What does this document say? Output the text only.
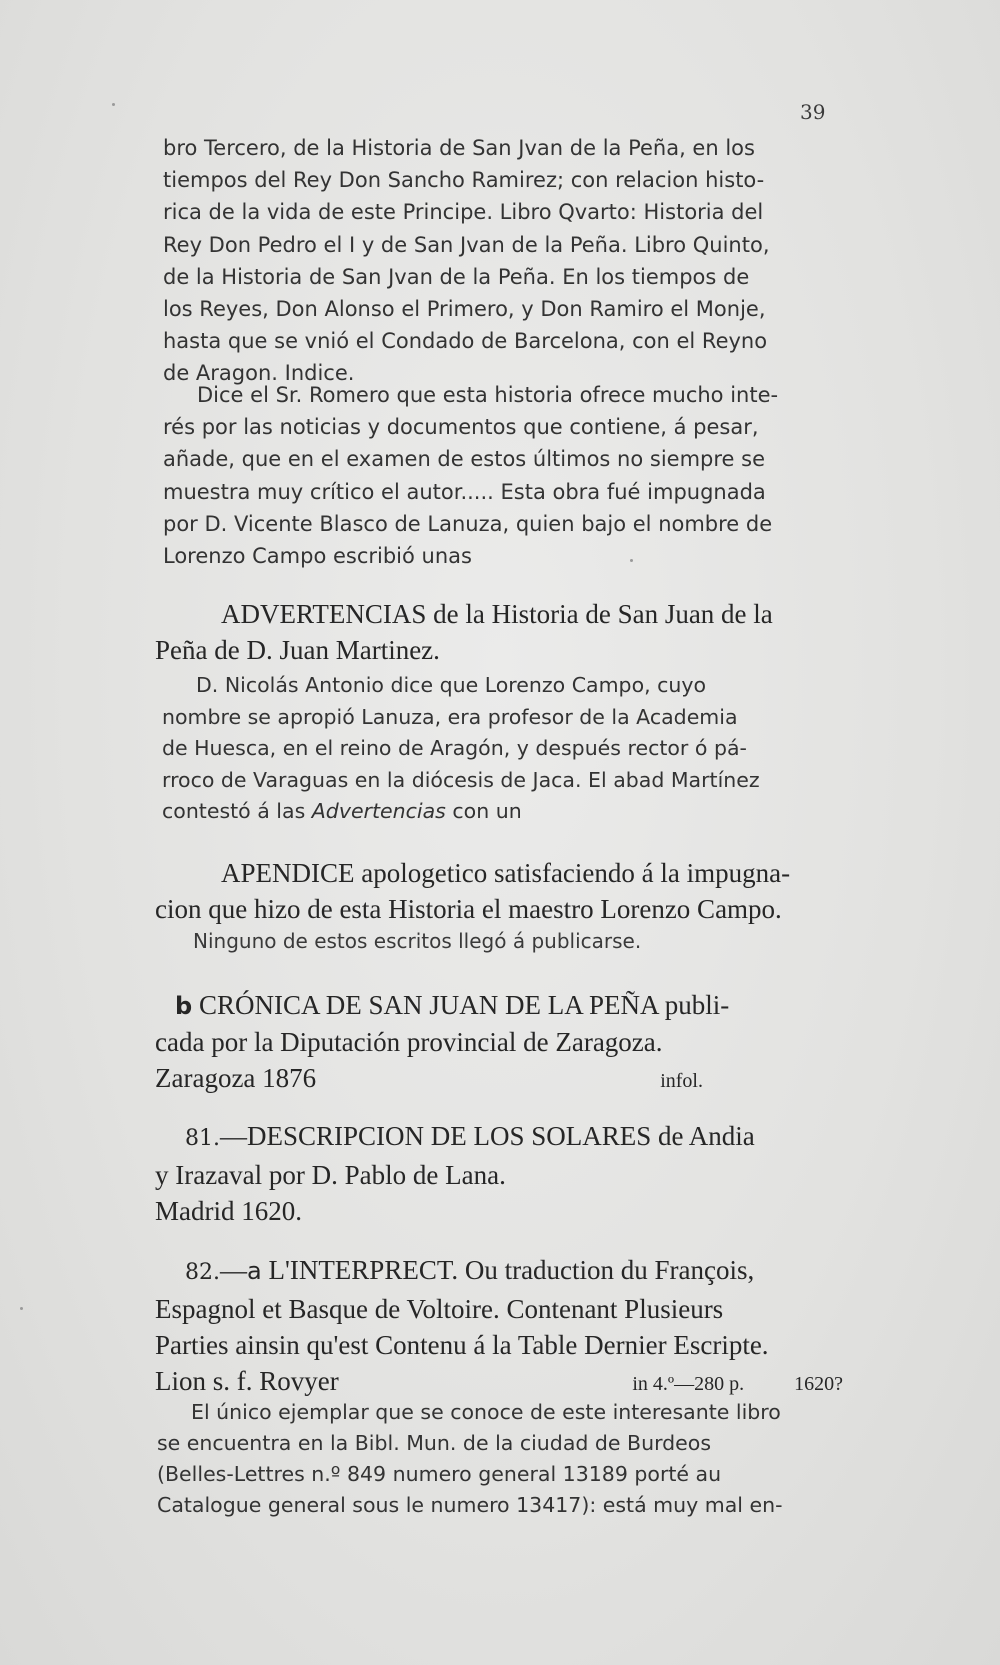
39

bro Tercero, de la Historia de San Jvan de la Peña, en los

tiempos del Rey Don Sancho Ramirez; con relacion histo-

rica de la vida de este Principe. Libro Qvarto: Historia del

Rey Don Pedro el I y de San Jvan de la Peña. Libro Quinto,

de la Historia de San Jvan de la Peña. En los tiempos de

los Reyes, Don Alonso el Primero, y Don Ramiro el Monje,

hasta que se vnió el Condado de Barcelona, con el Reyno

de Aragon. Indice.

Dice el Sr. Romero que esta historia ofrece mucho inte-

rés por las noticias y documentos que contiene, á pesar,

añade, que en el examen de estos últimos no siempre se

muestra muy crítico el autor..... Esta obra fué impugnada

por D. Vicente Blasco de Lanuza, quien bajo el nombre de

Lorenzo Campo escribió unas

ADVERTENCIAS de la Historia de San Juan de la

Peña de D. Juan Martinez.

D. Nicolás Antonio dice que Lorenzo Campo, cuyo

nombre se apropió Lanuza, era profesor de la Academia

de Huesca, en el reino de Aragón, y después rector ó pá-

rroco de Varaguas en la diócesis de Jaca. El abad Martínez

contestó á las Advertencias con un

APENDICE apologetico satisfaciendo á la impugna-

cion que hizo de esta Historia el maestro Lorenzo Campo.

Ninguno de estos escritos llegó á publicarse.

b CRÓNICA DE SAN JUAN DE LA PEÑA publi-

cada por la Diputación provincial de Zaragoza.

Zaragoza 1876	infol.

81.—DESCRIPCION DE LOS SOLARES de Andia

y Irazaval por D. Pablo de Lana.

Madrid 1620.

82.—a L'INTERPRECT. Ou traduction du Françоis,

Espagnol et Basque de Voltoire. Contenant Plusieurs

Parties ainsin qu'est Contenu á la Table Dernier Escripte.

Lion s. f. Rovyer	in 4.º—280 p.	1620?

El único ejemplar que se conoce de este interesante libro

se encuentra en la Bibl. Mun. de la ciudad de Burdeos

(Belles-Lettres n.º 849 numero general 13189 porté au

Catalogue general sous le numero 13417): está muy mal en-
